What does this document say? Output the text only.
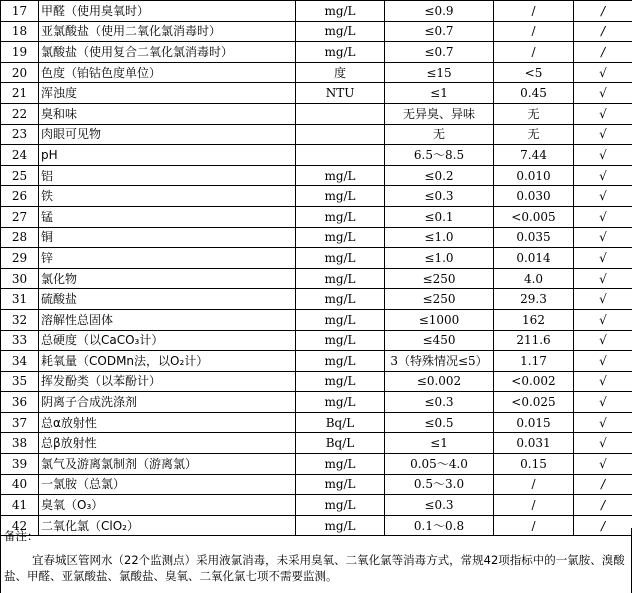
17	甲醛（使用臭氧时）	mg/L	≤0.9	/	/
18	亚氯酸盐（使用二氧化氯消毒时）	mg/L	≤0.7	/	/
19	氯酸盐（使用复合二氧化氯消毒时）	mg/L	≤0.7	/	/
20	色度（铂钴色度单位）	度	≤15	<5	√
21	浑浊度	NTU	≤1	0.45	√
22	臭和味		无异臭、异味	无	√
23	肉眼可见物		无	无	√
24	pH		6.5～8.5	7.44	√
25	铝	mg/L	≤0.2	0.010	√
26	铁	mg/L	≤0.3	0.030	√
27	锰	mg/L	≤0.1	<0.005	√
28	铜	mg/L	≤1.0	0.035	√
29	锌	mg/L	≤1.0	0.014	√
30	氯化物	mg/L	≤250	4.0	√
31	硫酸盐	mg/L	≤250	29.3	√
32	溶解性总固体	mg/L	≤1000	162	√
33	总硬度（以CaCO₃计）	mg/L	≤450	211.6	√
34	耗氧量（CODMn法，以O₂计）	mg/L	3（特殊情况≤5）	1.17	√
35	挥发酚类（以苯酚计）	mg/L	≤0.002	<0.002	√
36	阴离子合成洗涤剂	mg/L	≤0.3	<0.025	√
37	总α放射性	Bq/L	≤0.5	0.015	√
38	总β放射性	Bq/L	≤1	0.031	√
39	氯气及游离氯制剂（游离氯）	mg/L	0.05～4.0	0.15	√
40	一氯胺（总氯）	mg/L	0.5～3.0	/	/
41	臭氧（O₃）	mg/L	≤0.3	/	/
42	二氧化氯（ClO₂）	mg/L	0.1～0.8	/	/
备注：
宜春城区管网水（22个监测点）采用液氯消毒，未采用臭氧、二氧化氯等消毒方式，常规42项指标中的一氯胺、溴酸盐、甲醛、亚氯酸盐、氯酸盐、臭氧、二氧化氯七项不需要监测。
